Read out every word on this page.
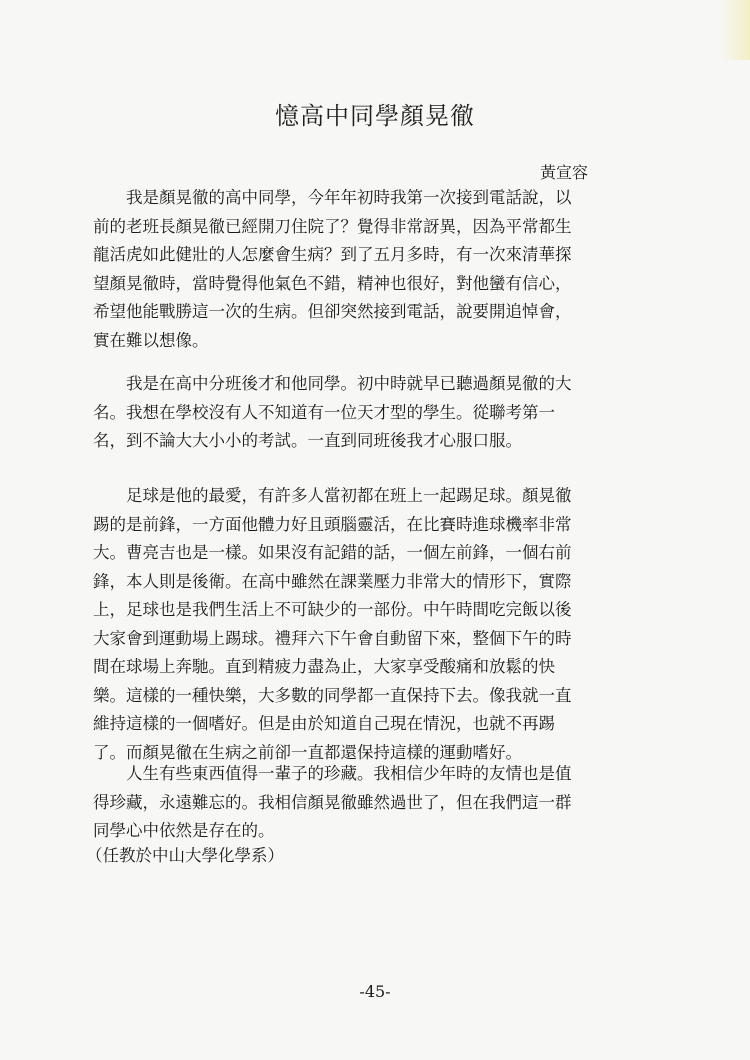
憶高中同學顏晃徹
黃宣容
　　我是顏晃徹的高中同學，今年年初時我第一次接到電話說，以
前的老班長顏晃徹已經開刀住院了？覺得非常訝異，因為平常都生
龍活虎如此健壯的人怎麼會生病？到了五月多時，有一次來清華探
望顏晃徹時，當時覺得他氣色不錯，精神也很好，對他蠻有信心，
希望他能戰勝這一次的生病。但卻突然接到電話，說要開追悼會，
實在難以想像。
　　我是在高中分班後才和他同學。初中時就早已聽過顏晃徹的大
名。我想在學校沒有人不知道有一位天才型的學生。從聯考第一
名，到不論大大小小的考試。一直到同班後我才心服口服。
　　足球是他的最愛，有許多人當初都在班上一起踢足球。顏晃徹
踢的是前鋒，一方面他體力好且頭腦靈活，在比賽時進球機率非常
大。曹亮吉也是一樣。如果沒有記錯的話，一個左前鋒，一個右前
鋒，本人則是後衛。在高中雖然在課業壓力非常大的情形下，實際
上，足球也是我們生活上不可缺少的一部份。中午時間吃完飯以後
大家會到運動場上踢球。禮拜六下午會自動留下來，整個下午的時
間在球場上奔馳。直到精疲力盡為止，大家享受酸痛和放鬆的快
樂。這樣的一種快樂，大多數的同學都一直保持下去。像我就一直
維持這樣的一個嗜好。但是由於知道自己現在情況，也就不再踢
了。而顏晃徹在生病之前卻一直都還保持這樣的運動嗜好。
　　人生有些東西值得一輩子的珍藏。我相信少年時的友情也是值
得珍藏，永遠難忘的。我相信顏晃徹雖然過世了，但在我們這一群
同學心中依然是存在的。
（任教於中山大學化學系）
-45-
